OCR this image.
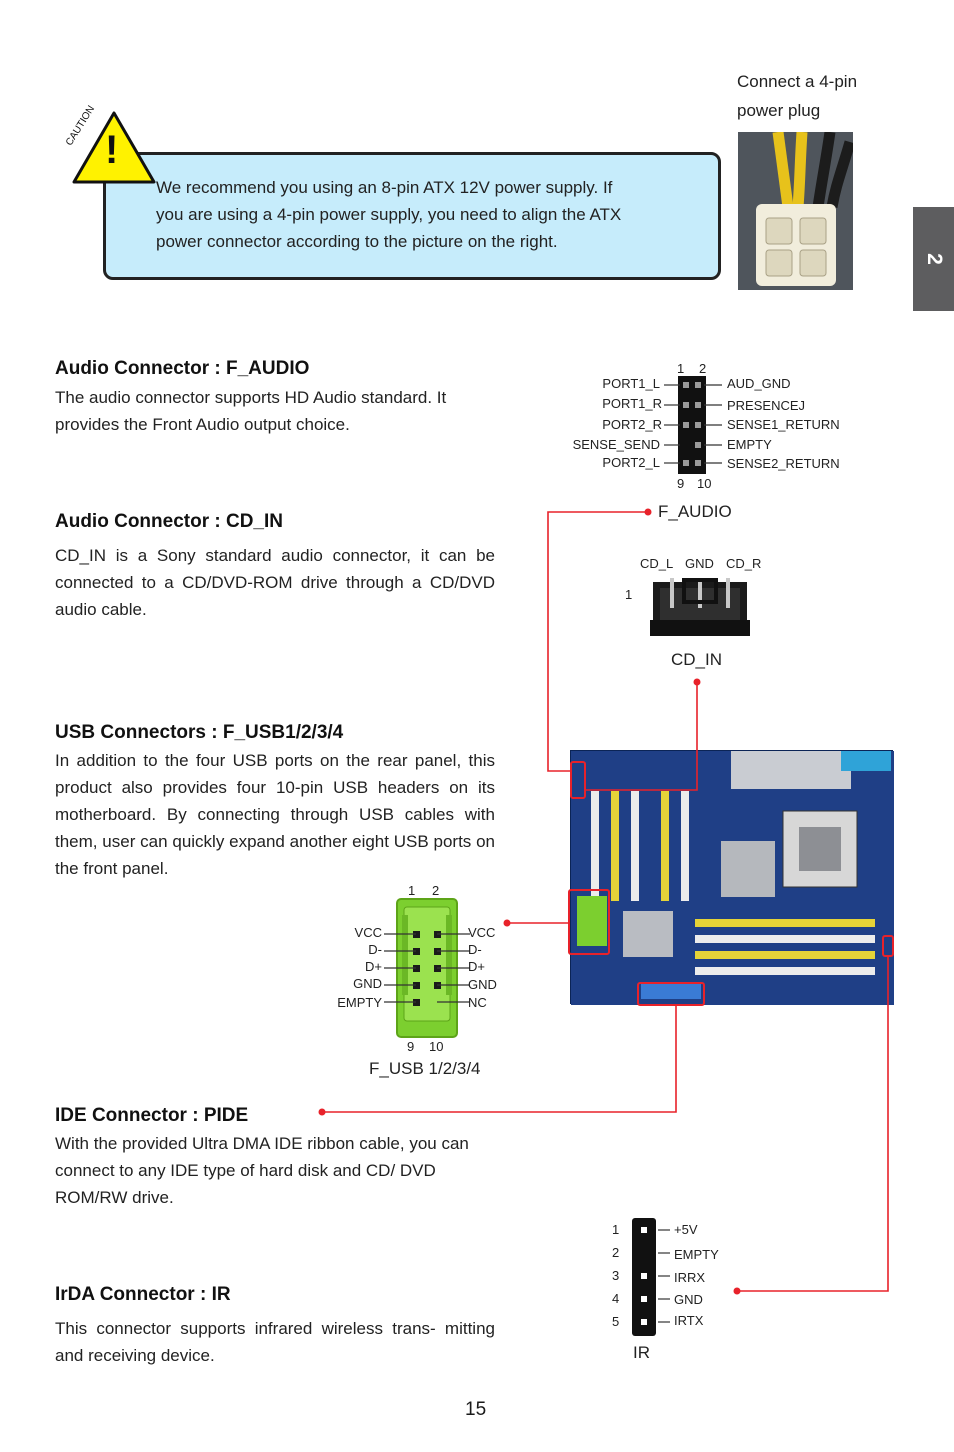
2
Connect a 4-pin
power plug
!
CAUTION
We recommend you using an 8-pin ATX 12V power supply. If
you are using a 4-pin power supply, you need to align the ATX
power connector according to the picture on the right.
Audio Connector : F_AUDIO
The audio connector supports HD Audio standard. It provides the Front Audio output choice.
1 2
9 10
PORT1_L
PORT1_R
PORT2_R
SENSE_SEND
PORT2_L
AUD_GND
PRESENCEJ
SENSE1_RETURN
EMPTY
SENSE2_RETURN
F_AUDIO
Audio Connector : CD_IN
CD_IN is a Sony standard audio connector, it can be connected to a CD/DVD-ROM drive through a CD/DVD audio cable.
CD_L GND CD_R
1
CD_IN
USB Connectors : F_USB1/2/3/4
In addition to the four USB ports on the rear panel, this product also provides four 10-pin USB headers on its motherboard. By connecting through USB cables with them, user can quickly expand another eight USB ports on the front panel.
1 2
VCC
D-
D+
GND
EMPTY
VCC
D-
D+
GND
NC
9 10
F_USB 1/2/3/4
IDE Connector : PIDE
With the provided Ultra DMA IDE ribbon cable, you can connect to any IDE type of hard disk and CD/ DVD ROM/RW drive.
IrDA Connector : IR
This connector supports infrared wireless trans- mitting and receiving device.
1
2
3
4
5
+5V
EMPTY
IRRX
GND
IRTX
IR
15
